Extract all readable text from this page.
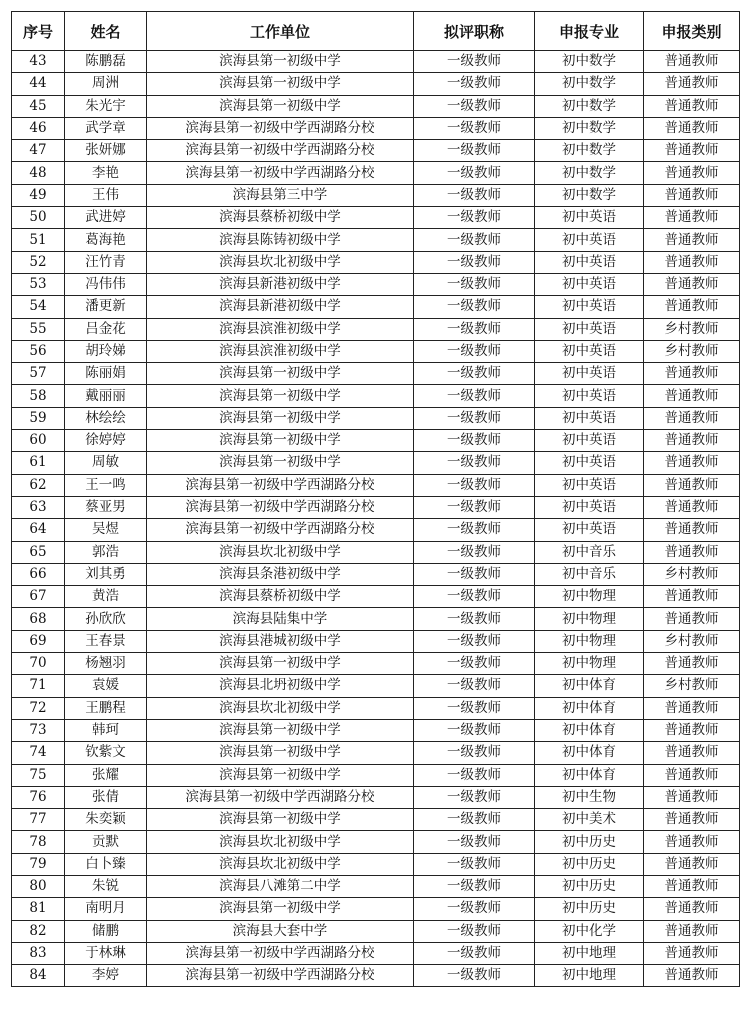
序号	姓名	工作单位	拟评职称	申报专业	申报类别
43	陈鹏磊	滨海县第一初级中学	一级教师	初中数学	普通教师
44	周洲	滨海县第一初级中学	一级教师	初中数学	普通教师
45	朱光宇	滨海县第一初级中学	一级教师	初中数学	普通教师
46	武学章	滨海县第一初级中学西湖路分校	一级教师	初中数学	普通教师
47	张妍娜	滨海县第一初级中学西湖路分校	一级教师	初中数学	普通教师
48	李艳	滨海县第一初级中学西湖路分校	一级教师	初中数学	普通教师
49	王伟	滨海县第三中学	一级教师	初中数学	普通教师
50	武进婷	滨海县蔡桥初级中学	一级教师	初中英语	普通教师
51	葛海艳	滨海县陈铸初级中学	一级教师	初中英语	普通教师
52	汪竹青	滨海县坎北初级中学	一级教师	初中英语	普通教师
53	冯伟伟	滨海县新港初级中学	一级教师	初中英语	普通教师
54	潘更新	滨海县新港初级中学	一级教师	初中英语	普通教师
55	吕金花	滨海县滨淮初级中学	一级教师	初中英语	乡村教师
56	胡玲娣	滨海县滨淮初级中学	一级教师	初中英语	乡村教师
57	陈丽娟	滨海县第一初级中学	一级教师	初中英语	普通教师
58	戴丽丽	滨海县第一初级中学	一级教师	初中英语	普通教师
59	林绘绘	滨海县第一初级中学	一级教师	初中英语	普通教师
60	徐婷婷	滨海县第一初级中学	一级教师	初中英语	普通教师
61	周敏	滨海县第一初级中学	一级教师	初中英语	普通教师
62	王一鸣	滨海县第一初级中学西湖路分校	一级教师	初中英语	普通教师
63	蔡亚男	滨海县第一初级中学西湖路分校	一级教师	初中英语	普通教师
64	吴煜	滨海县第一初级中学西湖路分校	一级教师	初中英语	普通教师
65	郭浩	滨海县坎北初级中学	一级教师	初中音乐	普通教师
66	刘其勇	滨海县条港初级中学	一级教师	初中音乐	乡村教师
67	黄浩	滨海县蔡桥初级中学	一级教师	初中物理	普通教师
68	孙欣欣	滨海县陆集中学	一级教师	初中物理	普通教师
69	王春景	滨海县港城初级中学	一级教师	初中物理	乡村教师
70	杨翘羽	滨海县第一初级中学	一级教师	初中物理	普通教师
71	袁媛	滨海县北坍初级中学	一级教师	初中体育	乡村教师
72	王鹏程	滨海县坎北初级中学	一级教师	初中体育	普通教师
73	韩珂	滨海县第一初级中学	一级教师	初中体育	普通教师
74	钦紫文	滨海县第一初级中学	一级教师	初中体育	普通教师
75	张耀	滨海县第一初级中学	一级教师	初中体育	普通教师
76	张倩	滨海县第一初级中学西湖路分校	一级教师	初中生物	普通教师
77	朱奕颖	滨海县第一初级中学	一级教师	初中美术	普通教师
78	贡默	滨海县坎北初级中学	一级教师	初中历史	普通教师
79	白卜臻	滨海县坎北初级中学	一级教师	初中历史	普通教师
80	朱锐	滨海县八滩第二中学	一级教师	初中历史	普通教师
81	南明月	滨海县第一初级中学	一级教师	初中历史	普通教师
82	储鹏	滨海县大套中学	一级教师	初中化学	普通教师
83	于林琳	滨海县第一初级中学西湖路分校	一级教师	初中地理	普通教师
84	李婷	滨海县第一初级中学西湖路分校	一级教师	初中地理	普通教师
